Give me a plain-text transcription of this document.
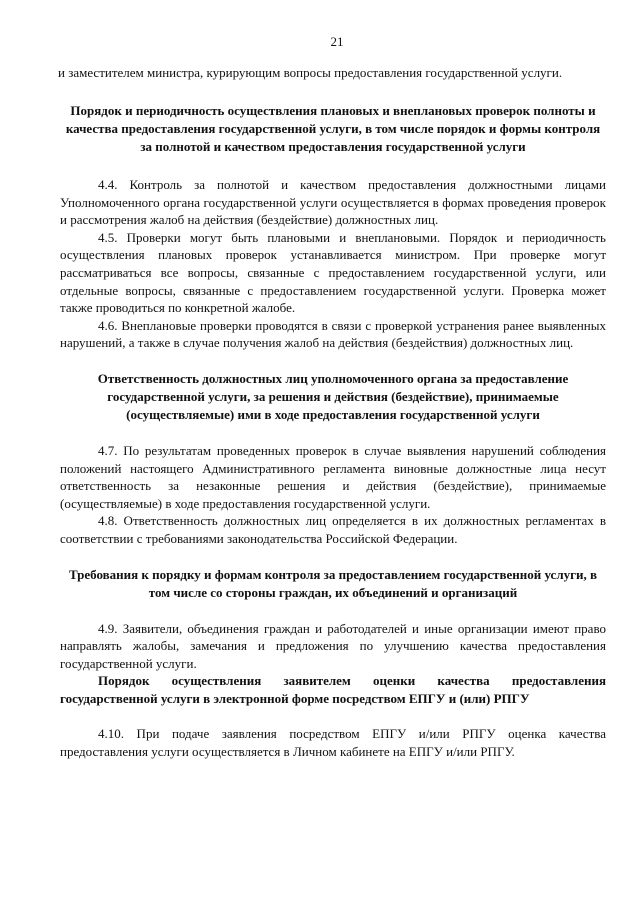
21

и заместителем министра, курирующим вопросы предоставления государственной услуги.

Порядок и периодичность осуществления плановых и внеплановых проверок полноты и качества предоставления государственной услуги, в том числе порядок и формы контроля за полнотой и качеством предоставления государственной услуги

4.4. Контроль за полнотой и качеством предоставления должностными лицами Уполномоченного органа государственной услуги осуществляется в формах проведения проверок и рассмотрения жалоб на действия (бездействие) должностных лиц.

4.5. Проверки могут быть плановыми и внеплановыми. Порядок и периодичность осуществления плановых проверок устанавливается министром. При проверке могут рассматриваться все вопросы, связанные с предоставлением государственной услуги, или отдельные вопросы, связанные с предоставлением государственной услуги. Проверка может также проводиться по конкретной жалобе.

4.6. Внеплановые проверки проводятся в связи с проверкой устранения ранее выявленных нарушений, а также в случае получения жалоб на действия (бездействия) должностных лиц.

Ответственность должностных лиц уполномоченного органа за предоставление государственной услуги, за решения и действия (бездействие), принимаемые (осуществляемые) ими в ходе предоставления государственной услуги

4.7. По результатам проведенных проверок в случае выявления нарушений соблюдения положений настоящего Административного регламента виновные должностные лица несут ответственность за незаконные решения и действия (бездействие), принимаемые (осуществляемые) в ходе предоставления государственной услуги.

4.8. Ответственность должностных лиц определяется в их должностных регламентах в соответствии с требованиями законодательства Российской Федерации.

Требования к порядку и формам контроля за предоставлением государственной услуги, в том числе со стороны граждан, их объединений и организаций

4.9. Заявители, объединения граждан и работодателей и иные организации имеют право направлять жалобы, замечания и предложения по улучшению качества предоставления государственной услуги.

Порядок осуществления заявителем оценки качества предоставления государственной услуги в электронной форме посредством ЕПГУ и (или) РПГУ

4.10. При подаче заявления посредством ЕПГУ и/или РПГУ оценка качества предоставления услуги осуществляется в Личном кабинете на ЕПГУ и/или РПГУ.
